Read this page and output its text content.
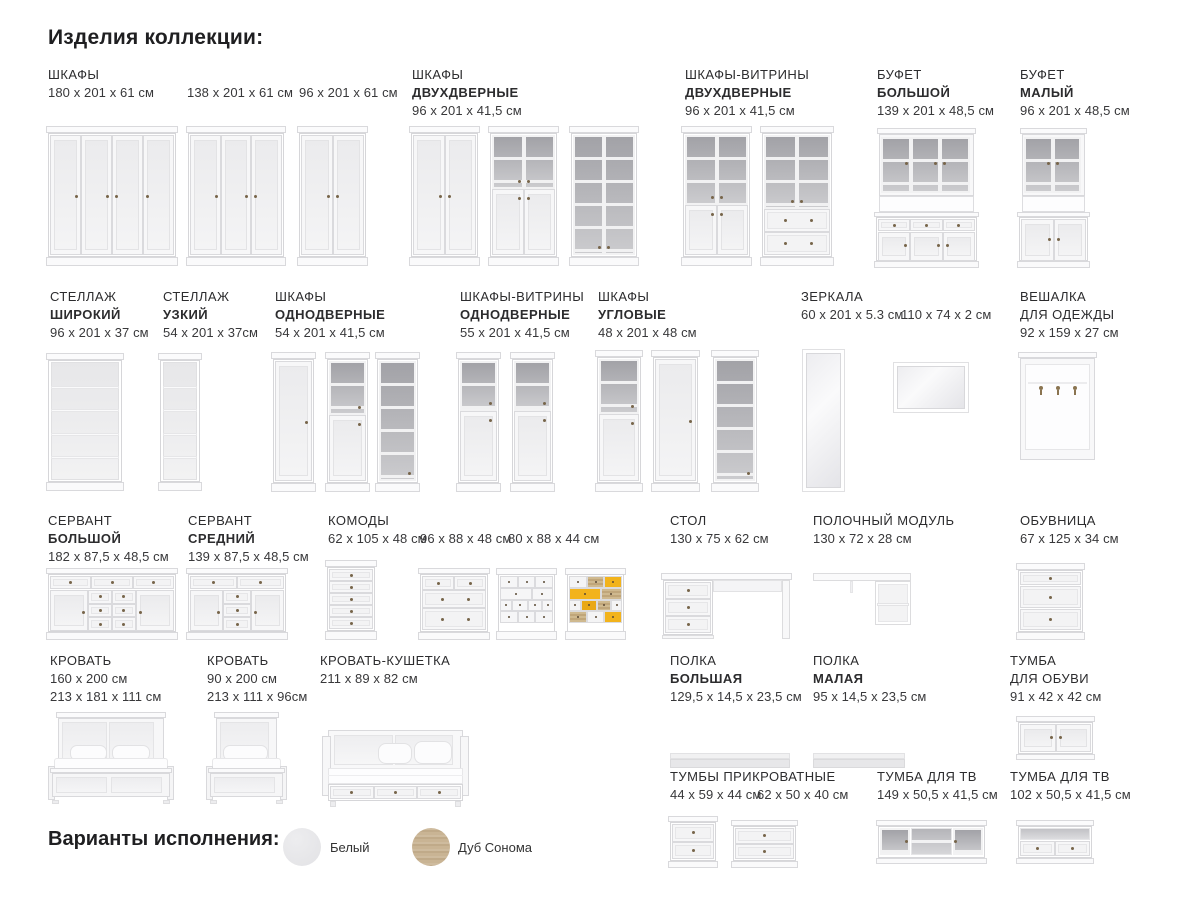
Изделия коллекции:
ШКАФЫ
180 x 201 x 61 см	138 x 201 x 61 см 96 x 201 x 61 см
ШКАФЫ
ДВУХДВЕРНЫЕ
96 x 201 x 41,5 см
ШКАФЫ-ВИТРИНЫ
ДВУХДВЕРНЫЕ
96 x 201 x 41,5 см
БУФЕТ
БОЛЬШОЙ
139 x 201 x 48,5 см
БУФЕТ
МАЛЫЙ
96 x 201 x 48,5 см
СТЕЛЛАЖ
ШИРОКИЙ
96 x 201 x 37 см
СТЕЛЛАЖ
УЗКИЙ
54 x 201 x 37см
ШКАФЫ
ОДНОДВЕРНЫЕ
54 x 201 x 41,5 см
ШКАФЫ-ВИТРИНЫ
ОДНОДВЕРНЫЕ
55 x 201 x 41,5 см
ШКАФЫ
УГЛОВЫЕ
48 x 201 x 48 см
ЗЕРКАЛА
60 x 201 x 5.3 см
110 x 74 x 2 см
ВЕШАЛКА
ДЛЯ ОДЕЖДЫ
92 x 159 x 27 см
СЕРВАНТ
БОЛЬШОЙ
182 x 87,5 x 48,5 см
СЕРВАНТ
СРЕДНИЙ
139 x 87,5 x 48,5 см
КОМОДЫ
62 x 105 x 48 см
96 x 88 x 48 см
80 x 88 x 44 см
СТОЛ
130 x 75 x 62 см
ПОЛОЧНЫЙ МОДУЛЬ
130 x 72 x 28 см
ОБУВНИЦА
67 x 125 x 34 см
КРОВАТЬ
160 x 200 см
213 x 181 x 111 см
КРОВАТЬ
90 x 200 см
213 x 111 x 96см
КРОВАТЬ-КУШЕТКА
211 x 89 x 82 см
ПОЛКА
БОЛЬШАЯ
129,5 x 14,5 x 23,5 см
ПОЛКА
МАЛАЯ
95 x 14,5 x 23,5 см
ТУМБА
ДЛЯ ОБУВИ
91 x 42 x 42 см
ТУМБЫ ПРИКРОВАТНЫЕ
44 x 59 x 44 см
62 x 50 x 40 см
ТУМБА ДЛЯ ТВ
149 x 50,5 x 41,5 см
ТУМБА ДЛЯ ТВ
102 x 50,5 x 41,5 см
Варианты исполнения:	Белый	Дуб Сонома
